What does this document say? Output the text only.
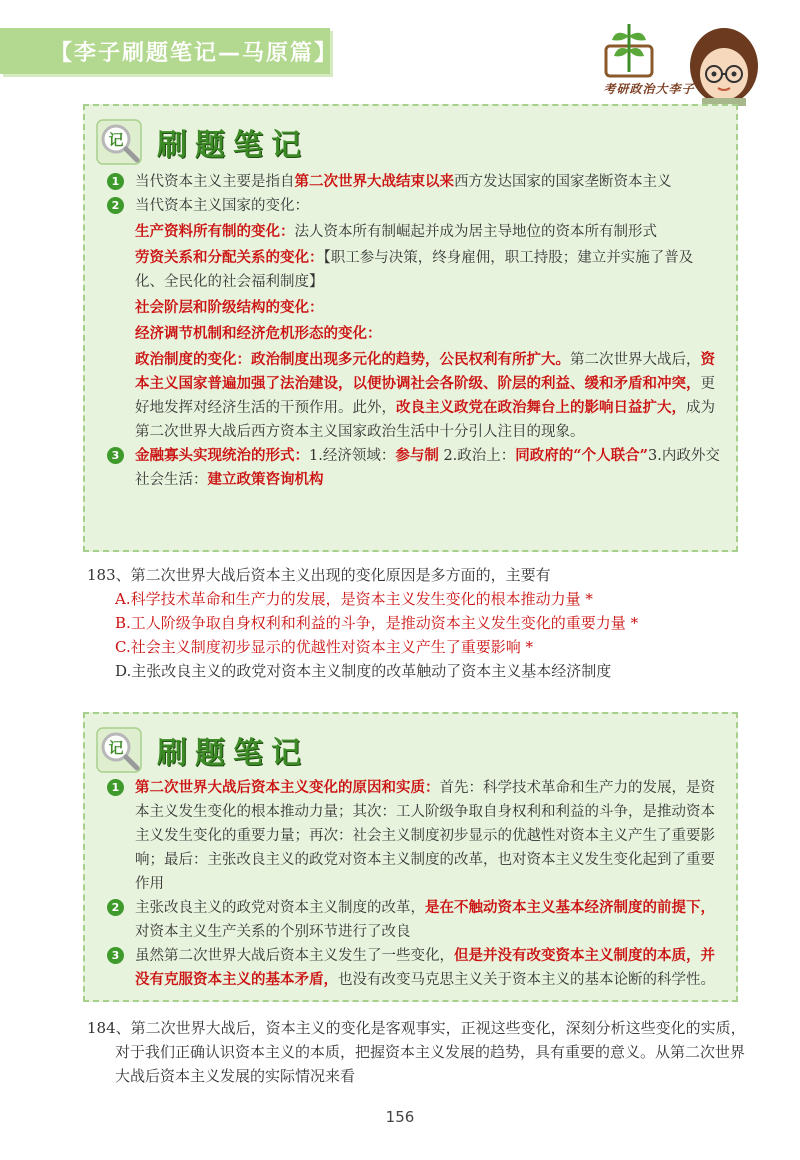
【李子刷题笔记—马原篇】
考研政治大李子
记 刷题笔记
1	当代资本主义主要是指自第二次世界大战结束以来西方发达国家的国家垄断资本主义
2	当代资本主义国家的变化：
生产资料所有制的变化：法人资本所有制崛起并成为居主导地位的资本所有制形式
劳资关系和分配关系的变化：【职工参与决策，终身雇佣，职工持股；建立并实施了普及化、全民化的社会福利制度】
社会阶层和阶级结构的变化：
经济调节机制和经济危机形态的变化：
政治制度的变化：政治制度出现多元化的趋势，公民权利有所扩大。第二次世界大战后，资本主义国家普遍加强了法治建设，以便协调社会各阶级、阶层的利益、缓和矛盾和冲突，更好地发挥对经济生活的干预作用。此外，改良主义政党在政治舞台上的影响日益扩大，成为第二次世界大战后西方资本主义国家政治生活中十分引人注目的现象。
3	金融寡头实现统治的形式：1.经济领域：参与制 2.政治上：同政府的“个人联合”3.内政外交社会生活：建立政策咨询机构
183、第二次世界大战后资本主义出现的变化原因是多方面的，主要有
A.科学技术革命和生产力的发展，是资本主义发生变化的根本推动力量 *
B.工人阶级争取自身权利和利益的斗争，是推动资本主义发生变化的重要力量 *
C.社会主义制度初步显示的优越性对资本主义产生了重要影响 *
D.主张改良主义的政党对资本主义制度的改革触动了资本主义基本经济制度
记 刷题笔记
1	第二次世界大战后资本主义变化的原因和实质：首先：科学技术革命和生产力的发展，是资本主义发生变化的根本推动力量；其次：工人阶级争取自身权利和利益的斗争，是推动资本主义发生变化的重要力量；再次：社会主义制度初步显示的优越性对资本主义产生了重要影响；最后：主张改良主义的政党对资本主义制度的改革，也对资本主义发生变化起到了重要作用
2	主张改良主义的政党对资本主义制度的改革，是在不触动资本主义基本经济制度的前提下，对资本主义生产关系的个别环节进行了改良
3	虽然第二次世界大战后资本主义发生了一些变化，但是并没有改变资本主义制度的本质，并没有克服资本主义的基本矛盾，也没有改变马克思主义关于资本主义的基本论断的科学性。
184、第二次世界大战后，资本主义的变化是客观事实，正视这些变化，深刻分析这些变化的实质，对于我们正确认识资本主义的本质，把握资本主义发展的趋势，具有重要的意义。从第二次世界大战后资本主义发展的实际情况来看
156
